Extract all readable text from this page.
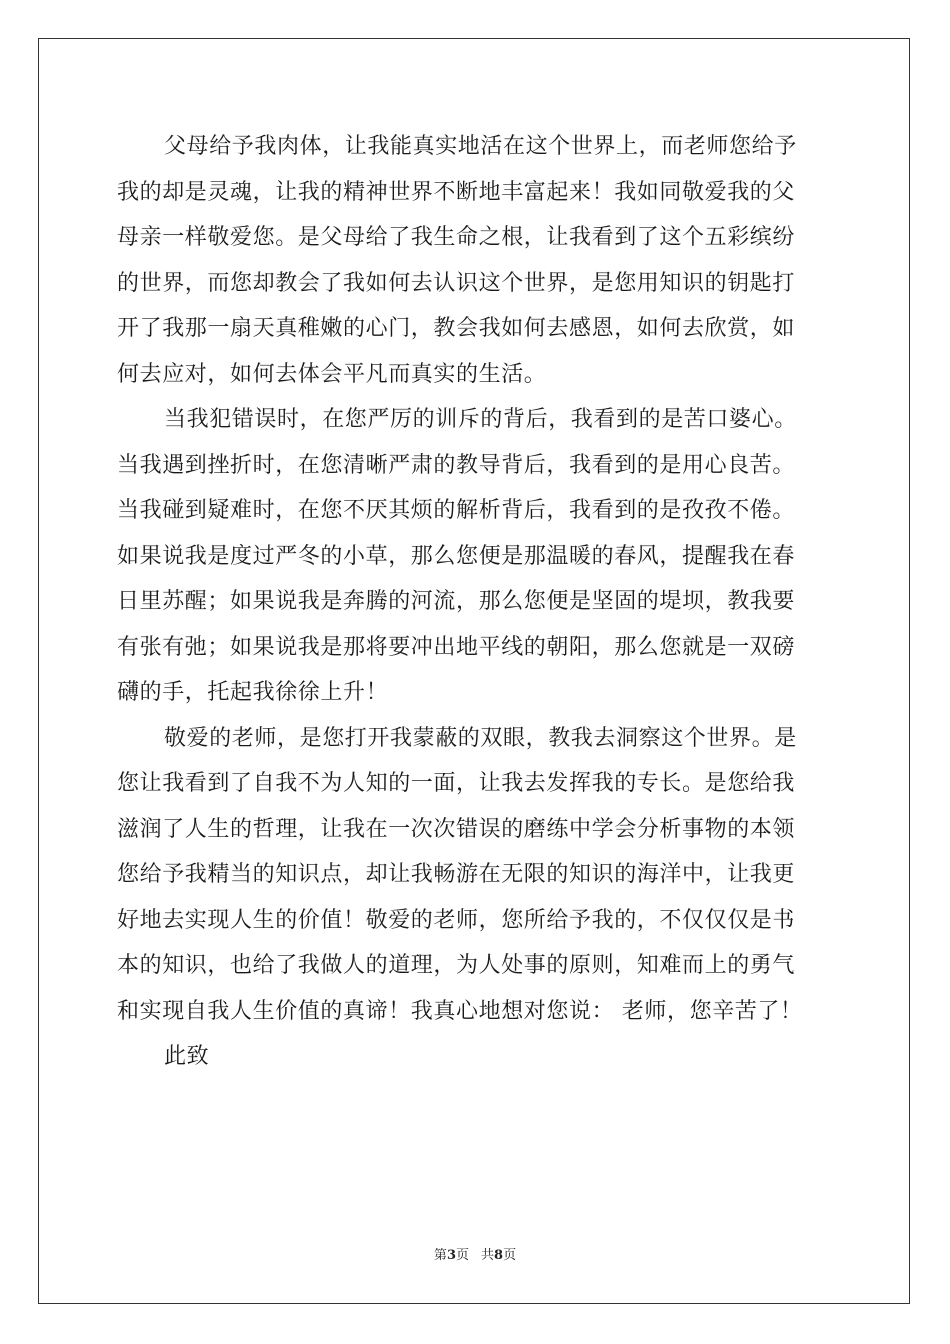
父母给予我肉体，让我能真实地活在这个世界上，而老师您给予
我的却是灵魂，让我的精神世界不断地丰富起来！我如同敬爱我的父
母亲一样敬爱您。是父母给了我生命之根，让我看到了这个五彩缤纷
的世界，而您却教会了我如何去认识这个世界，是您用知识的钥匙打
开了我那一扇天真稚嫩的心门，教会我如何去感恩，如何去欣赏，如
何去应对，如何去体会平凡而真实的生活。
当我犯错误时，在您严厉的训斥的背后，我看到的是苦口婆心。
当我遇到挫折时，在您清晰严肃的教导背后，我看到的是用心良苦。
当我碰到疑难时，在您不厌其烦的解析背后，我看到的是孜孜不倦。
如果说我是度过严冬的小草，那么您便是那温暖的春风，提醒我在春
日里苏醒；如果说我是奔腾的河流，那么您便是坚固的堤坝，教我要
有张有弛；如果说我是那将要冲出地平线的朝阳，那么您就是一双磅
礴的手，托起我徐徐上升！
敬爱的老师，是您打开我蒙蔽的双眼，教我去洞察这个世界。是
您让我看到了自我不为人知的一面，让我去发挥我的专长。是您给我
滋润了人生的哲理，让我在一次次错误的磨练中学会分析事物的本领
您给予我精当的知识点，却让我畅游在无限的知识的海洋中，让我更
好地去实现人生的价值！敬爱的老师，您所给予我的，不仅仅仅是书
本的知识，也给了我做人的道理，为人处事的原则，知难而上的勇气
和实现自我人生价值的真谛！我真心地想对您说： 老师，您辛苦了！
此致
第3页 共8页
